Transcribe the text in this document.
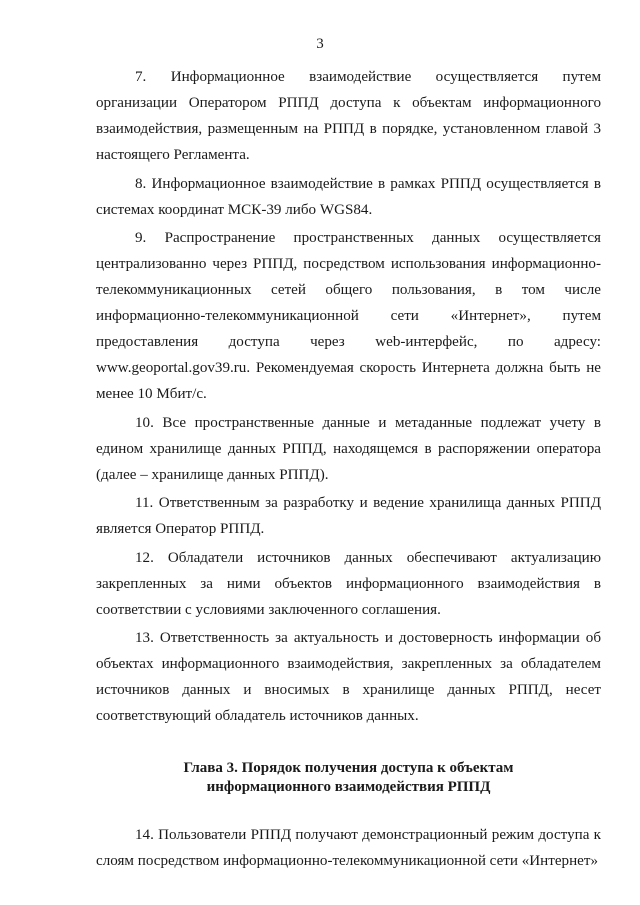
3

7. Информационное взаимодействие осуществляется путем организации Оператором РППД доступа к объектам информационного взаимодействия, размещенным на РППД в порядке, установленном главой 3 настоящего Регламента.

8. Информационное взаимодействие в рамках РППД осуществляется в системах координат МСК-39 либо WGS84.

9. Распространение пространственных данных осуществляется централизованно через РППД, посредством использования информационно-телекоммуникационных сетей общего пользования, в том числе информационно-телекоммуникационной сети «Интернет», путем предоставления доступа через web-интерфейс, по адресу: www.geoportal.gov39.ru. Рекомендуемая скорость Интернета должна быть не менее 10 Мбит/с.

10. Все пространственные данные и метаданные подлежат учету в едином хранилище данных РППД, находящемся в распоряжении оператора (далее – хранилище данных РППД).

11. Ответственным за разработку и ведение хранилища данных РППД является Оператор РППД.

12. Обладатели источников данных обеспечивают актуализацию закрепленных за ними объектов информационного взаимодействия в соответствии с условиями заключенного соглашения.

13. Ответственность за актуальность и достоверность информации об объектах информационного взаимодействия, закрепленных за обладателем источников данных и вносимых в хранилище данных РППД, несет соответствующий обладатель источников данных.

Глава 3. Порядок получения доступа к объектам
информационного взаимодействия РППД

14. Пользователи РППД получают демонстрационный режим доступа к слоям посредством информационно-телекоммуникационной сети «Интернет»
